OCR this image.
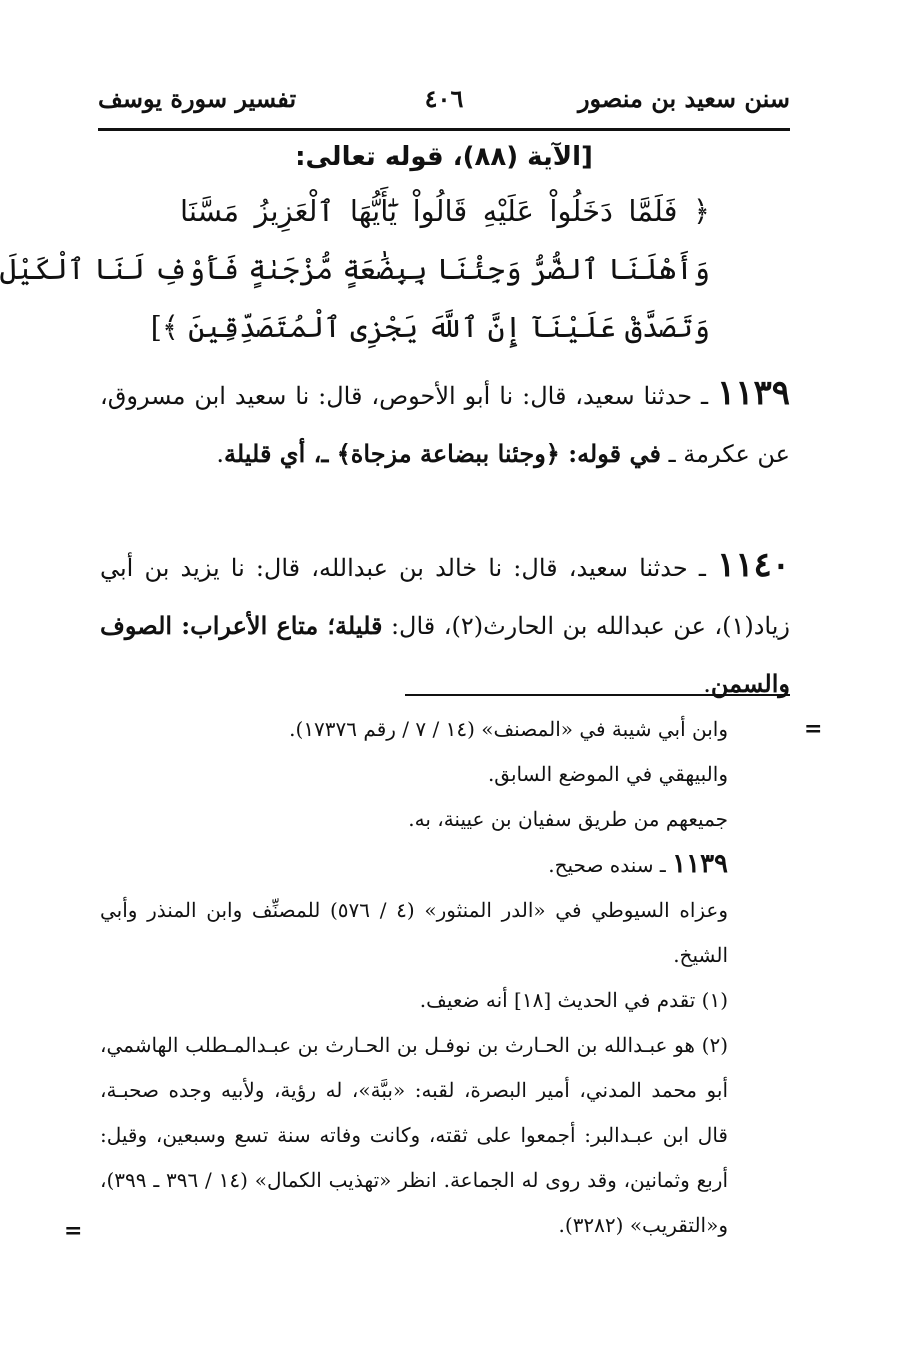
سنن سعيد بن منصور
٤٠٦
تفسير سورة يوسف
[الآية (٨٨)، قوله تعالى:
﴿ فَلَمَّا دَخَلُواْ عَلَيْهِ قَالُواْ يَٰٓأَيُّهَا ٱلْعَزِيزُ مَسَّنَا
وَأَهْلَنَا ٱلضُّرُّ وَجِئْنَا بِبِضَٰعَةٍ مُّزْجَىٰةٍ فَأَوْفِ لَنَا ٱلْكَيْلَ
وَتَصَدَّقْ عَلَيْنَآ إِنَّ ٱللَّهَ يَجْزِى ٱلْمُتَصَدِّقِينَ ﴾]
١١٣٩ ـ حدثنا سعيد، قال: نا أبو الأحوص، قال: نا سعيد ابن مسروق، عن عكرمة ـ في قوله: ﴿وجئنا ببضاعة مزجاة﴾ ـ، أي قليلة.
١١٤٠ ـ حدثنا سعيد، قال: نا خالد بن عبدالله، قال: نا يزيد بن أبي زياد(١)، عن عبدالله بن الحارث(٢)، قال: قليلة؛ متاع الأعراب: الصوف والسمن.
=
وابن أبي شيبة في «المصنف» (١٤ / ٧ / رقم ١٧٣٧٦).
والبيهقي في الموضع السابق.
جميعهم من طريق سفيان بن عيينة، به.
١١٣٩ ـ سنده صحيح.
وعزاه السيوطي في «الدر المنثور» (٤ / ٥٧٦) للمصنِّف وابن المنذر وأبي الشيخ.
(١) تقدم في الحديث [١٨] أنه ضعيف.
(٢) هو عبـدالله بن الحـارث بن نوفـل بن الحـارث بن عبـدالمـطلب الهاشمي، أبو محمد المدني، أمير البصرة، لقبه: «ببَّة»، له رؤية، ولأبيه وجده صحبـة، قال ابن عبـدالبر: أجمعوا على ثقته، وكانت وفاته سنة تسع وسبعين، وقيل: أربع وثمانين، وقد روى له الجماعة. انظر «تهذيب الكمال» (١٤ / ٣٩٦ ـ ٣٩٩)، و«التقريب» (٣٢٨٢).
=
